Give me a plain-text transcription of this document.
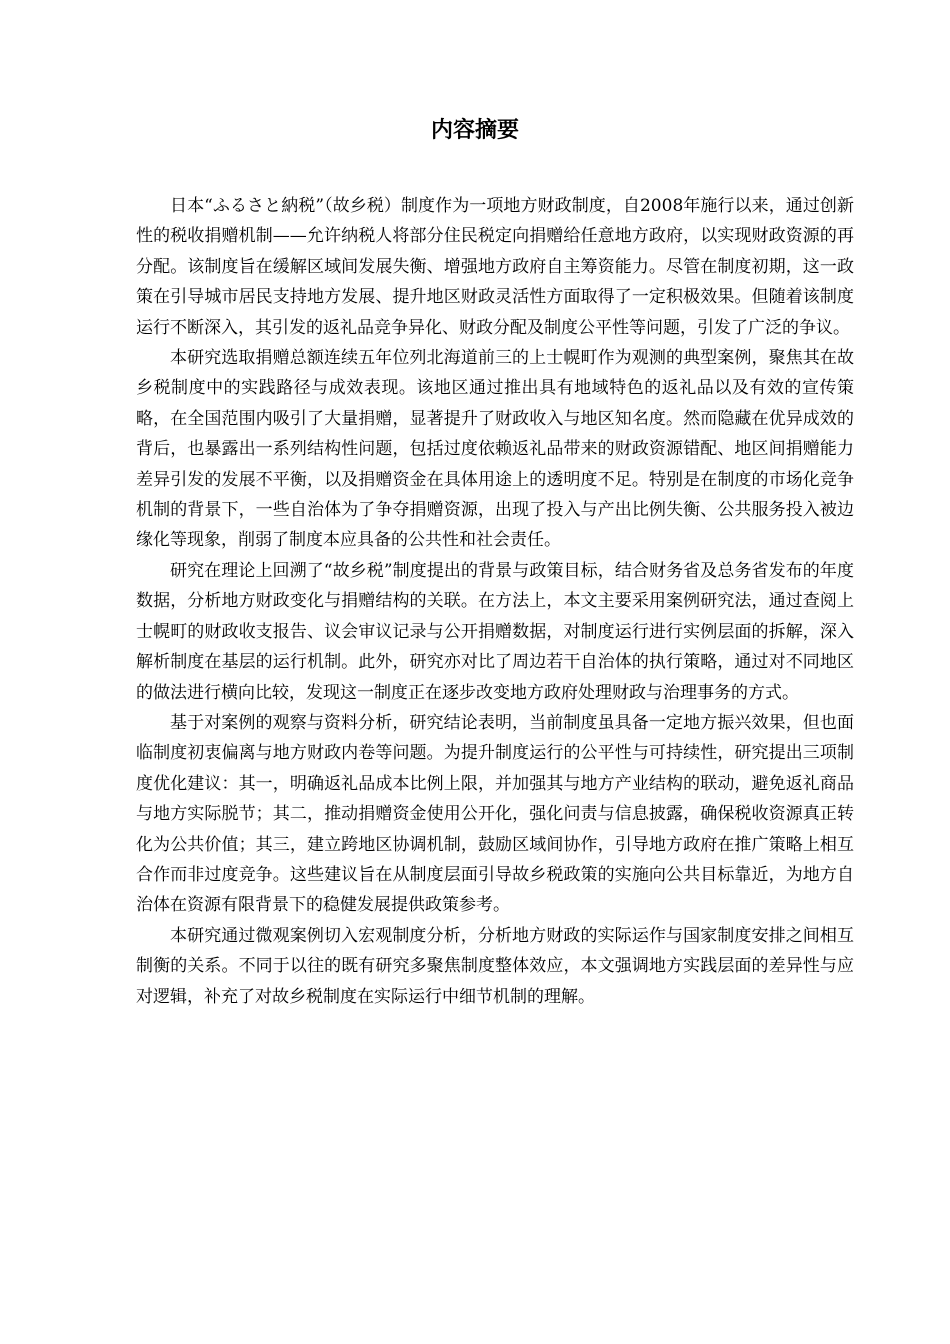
内容摘要

日本“ふるさと納税”（故乡税）制度作为一项地方财政制度，自2008年施行以来，通过创新性的税收捐赠机制——允许纳税人将部分住民税定向捐赠给任意地方政府，以实现财政资源的再分配。该制度旨在缓解区域间发展失衡、增强地方政府自主筹资能力。尽管在制度初期，这一政策在引导城市居民支持地方发展、提升地区财政灵活性方面取得了一定积极效果。但随着该制度运行不断深入，其引发的返礼品竞争异化、财政分配及制度公平性等问题，引发了广泛的争议。

本研究选取捐赠总额连续五年位列北海道前三的上士幌町作为观测的典型案例，聚焦其在故乡税制度中的实践路径与成效表现。该地区通过推出具有地域特色的返礼品以及有效的宣传策略，在全国范围内吸引了大量捐赠，显著提升了财政收入与地区知名度。然而隐藏在优异成效的背后，也暴露出一系列结构性问题，包括过度依赖返礼品带来的财政资源错配、地区间捐赠能力差异引发的发展不平衡，以及捐赠资金在具体用途上的透明度不足。特别是在制度的市场化竞争机制的背景下，一些自治体为了争夺捐赠资源，出现了投入与产出比例失衡、公共服务投入被边缘化等现象，削弱了制度本应具备的公共性和社会责任。

研究在理论上回溯了“故乡税”制度提出的背景与政策目标，结合财务省及总务省发布的年度数据，分析地方财政变化与捐赠结构的关联。在方法上，本文主要采用案例研究法，通过查阅上士幌町的财政收支报告、议会审议记录与公开捐赠数据，对制度运行进行实例层面的拆解，深入解析制度在基层的运行机制。此外，研究亦对比了周边若干自治体的执行策略，通过对不同地区的做法进行横向比较，发现这一制度正在逐步改变地方政府处理财政与治理事务的方式。

基于对案例的观察与资料分析，研究结论表明，当前制度虽具备一定地方振兴效果，但也面临制度初衷偏离与地方财政内卷等问题。为提升制度运行的公平性与可持续性，研究提出三项制度优化建议：其一，明确返礼品成本比例上限，并加强其与地方产业结构的联动，避免返礼商品与地方实际脱节；其二，推动捐赠资金使用公开化，强化问责与信息披露，确保税收资源真正转化为公共价值；其三，建立跨地区协调机制，鼓励区域间协作，引导地方政府在推广策略上相互合作而非过度竞争。这些建议旨在从制度层面引导故乡税政策的实施向公共目标靠近，为地方自治体在资源有限背景下的稳健发展提供政策参考。

本研究通过微观案例切入宏观制度分析，分析地方财政的实际运作与国家制度安排之间相互制衡的关系。不同于以往的既有研究多聚焦制度整体效应，本文强调地方实践层面的差异性与应对逻辑，补充了对故乡税制度在实际运行中细节机制的理解。
